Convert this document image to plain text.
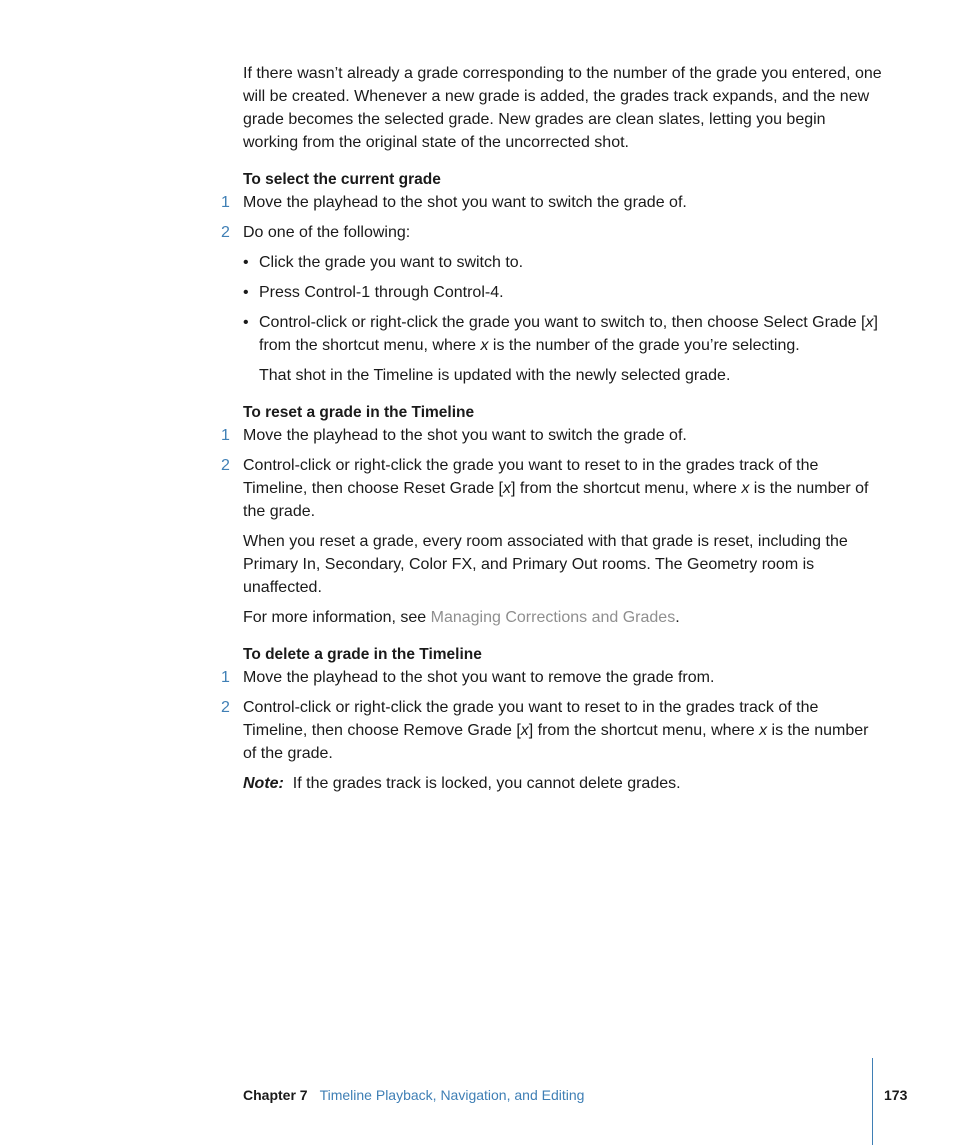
If there wasn’t already a grade corresponding to the number of the grade you entered, one will be created. Whenever a new grade is added, the grades track expands, and the new grade becomes the selected grade. New grades are clean slates, letting you begin working from the original state of the uncorrected shot.

To select the current grade

1 Move the playhead to the shot you want to switch the grade of.
2 Do one of the following:
• Click the grade you want to switch to.
• Press Control-1 through Control-4.
• Control-click or right-click the grade you want to switch to, then choose Select Grade [x] from the shortcut menu, where x is the number of the grade you’re selecting.

That shot in the Timeline is updated with the newly selected grade.

To reset a grade in the Timeline

1 Move the playhead to the shot you want to switch the grade of.
2 Control-click or right-click the grade you want to reset to in the grades track of the Timeline, then choose Reset Grade [x] from the shortcut menu, where x is the number of the grade.

When you reset a grade, every room associated with that grade is reset, including the Primary In, Secondary, Color FX, and Primary Out rooms. The Geometry room is unaffected.

For more information, see Managing Corrections and Grades.

To delete a grade in the Timeline

1 Move the playhead to the shot you want to remove the grade from.
2 Control-click or right-click the grade you want to reset to in the grades track of the Timeline, then choose Remove Grade [x] from the shortcut menu, where x is the number of the grade.

Note: If the grades track is locked, you cannot delete grades.

Chapter 7 Timeline Playback, Navigation, and Editing	173
